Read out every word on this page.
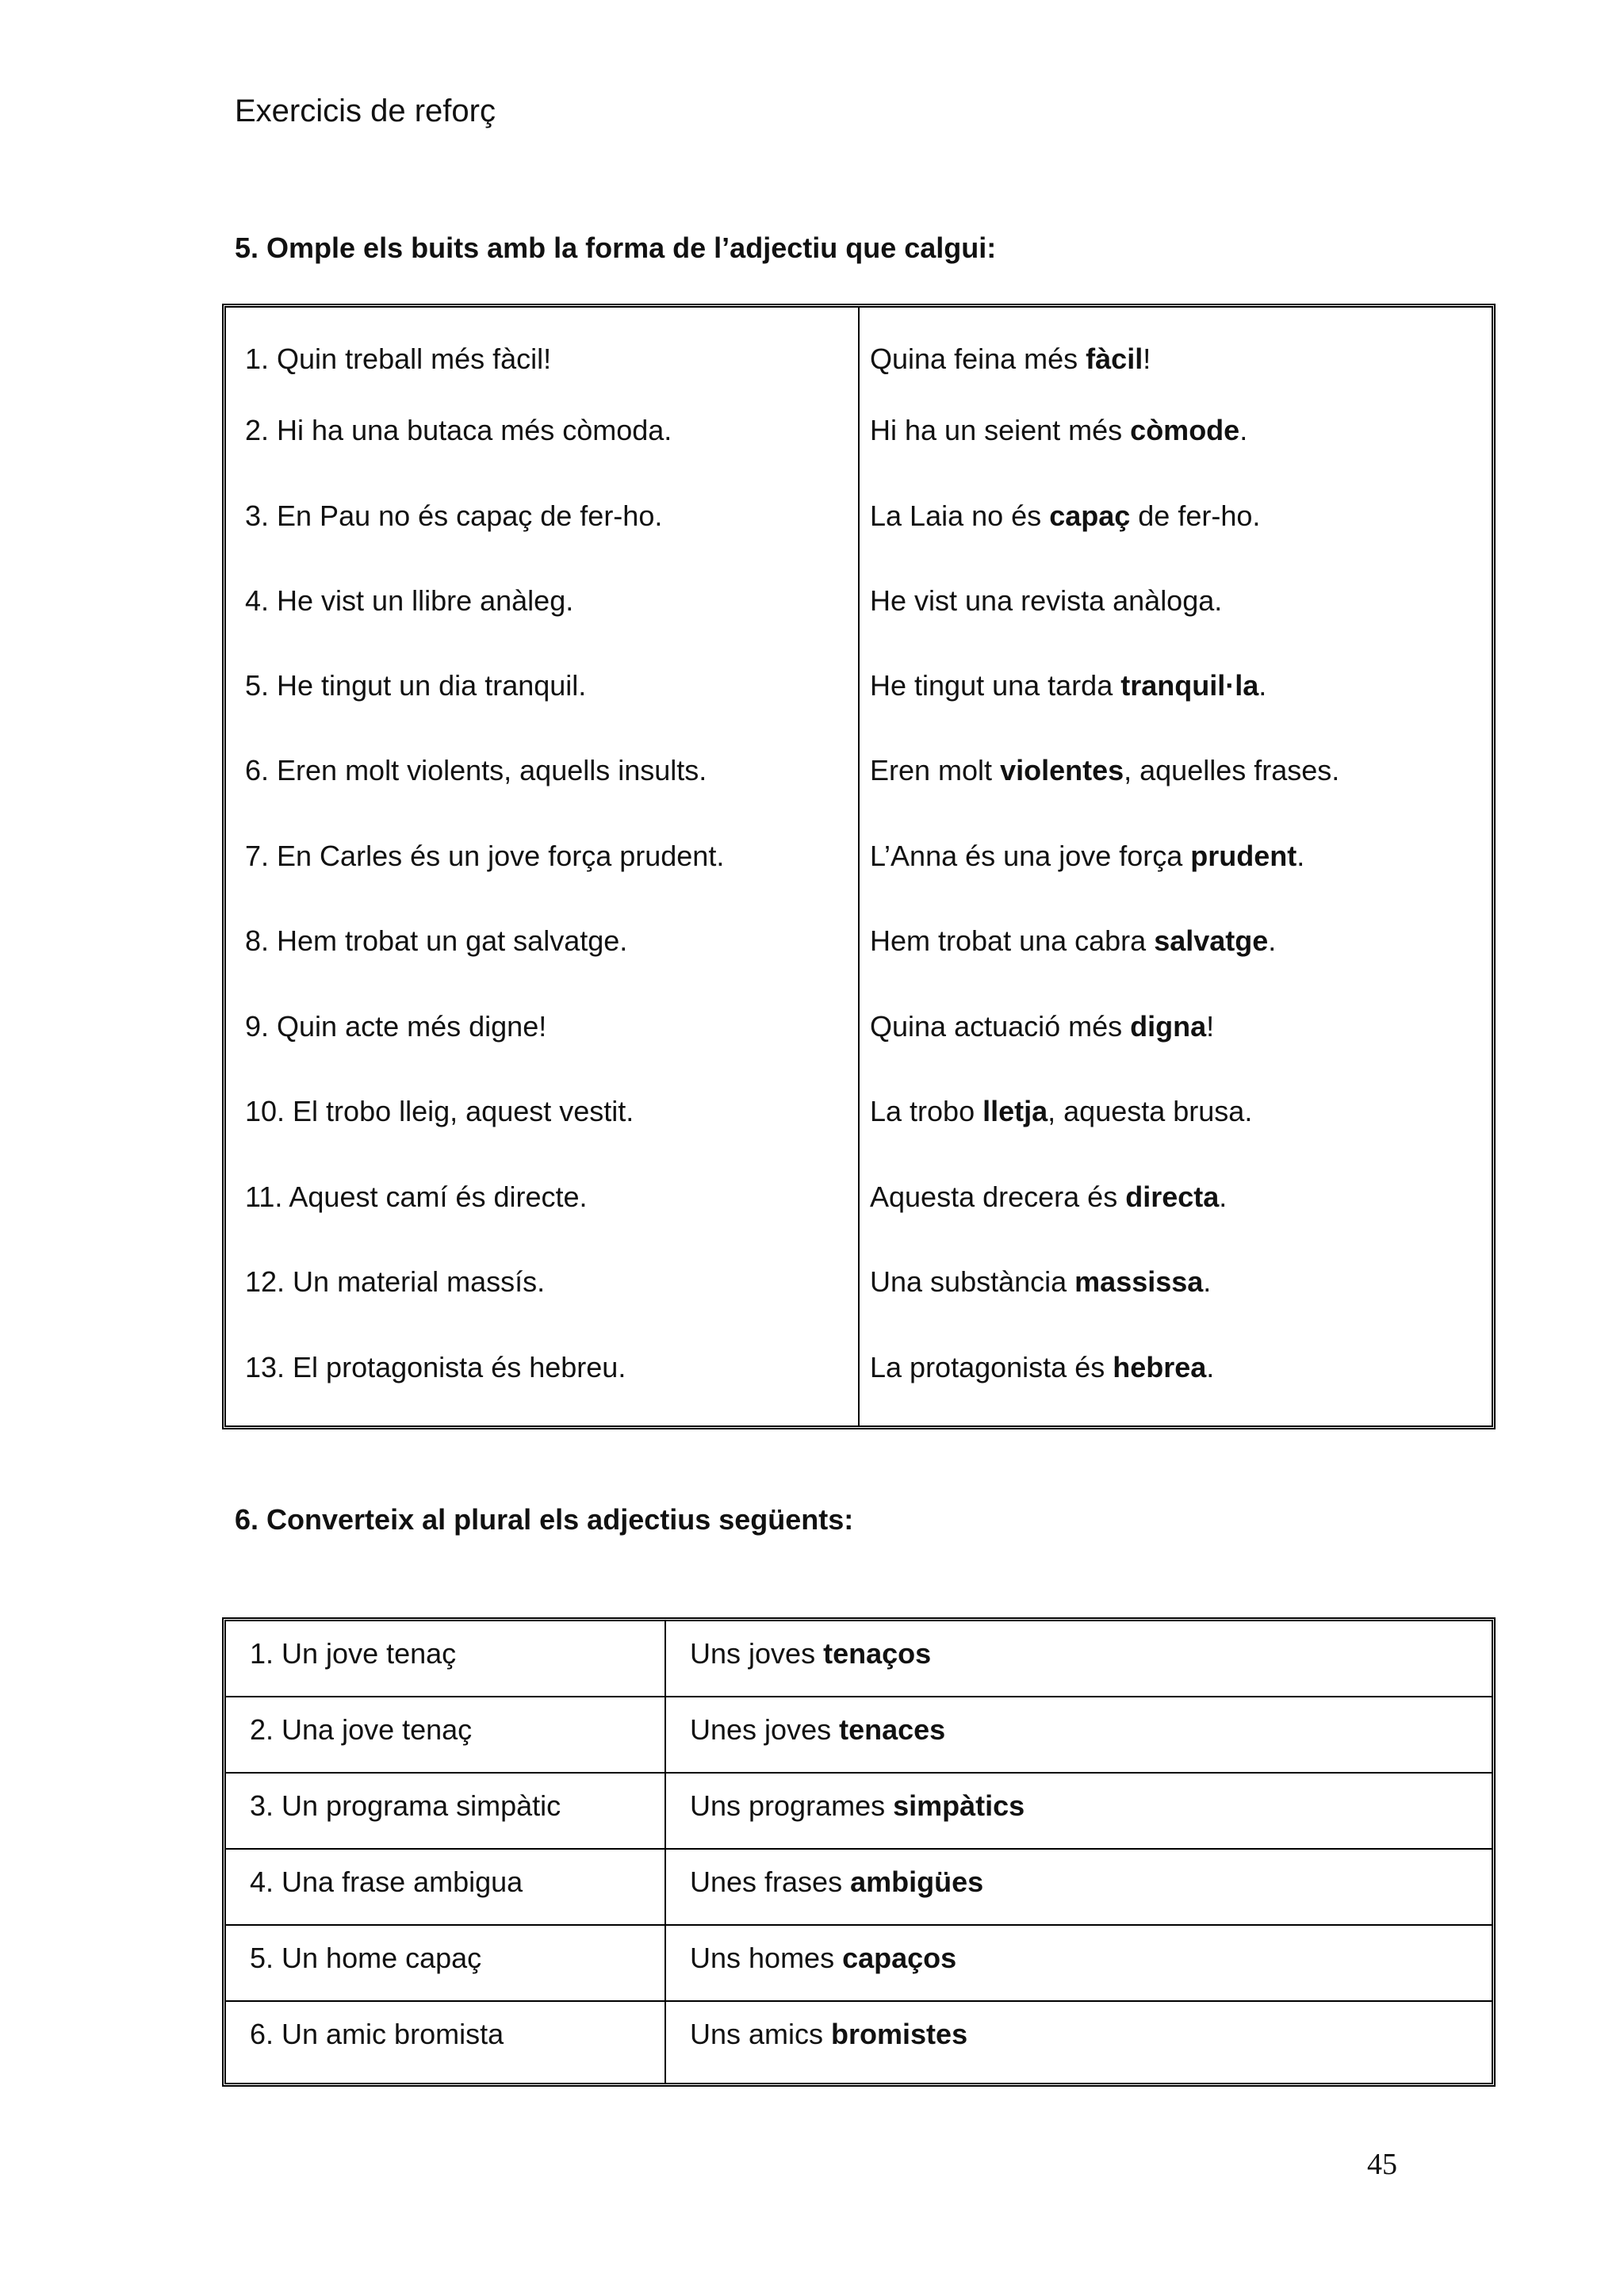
Exercicis de reforç
5. Omple els buits amb la forma de l’adjectiu que calgui:
1. Quin treball més fàcil!	Quina feina més fàcil!
2. Hi ha una butaca més còmoda.	Hi ha un seient més còmode.
3. En Pau no és capaç de fer-ho.	La Laia no és capaç de fer-ho.
4. He vist un llibre anàleg.	He vist una revista anàloga.
5. He tingut un dia tranquil.	He tingut una tarda tranquil·la.
6. Eren molt violents, aquells insults.	Eren molt violentes, aquelles frases.
7. En Carles és un jove força prudent.	L’Anna és una jove força prudent.
8. Hem trobat un gat salvatge.	Hem trobat una cabra salvatge.
9. Quin acte més digne!	Quina actuació més digna!
10. El trobo lleig, aquest vestit.	La trobo lletja, aquesta brusa.
11. Aquest camí és directe.	Aquesta drecera és directa.
12. Un material massís.	Una substància massissa.
13. El protagonista és hebreu.	La protagonista és hebrea.
6. Converteix al plural els adjectius següents:
1. Un jove tenaç	Uns joves tenaços
2. Una jove tenaç	Unes joves tenaces
3. Un programa simpàtic	Uns programes simpàtics
4. Una frase ambigua	Unes frases ambigües
5. Un home capaç	Uns homes capaços
6. Un amic bromista	Uns amics bromistes
45
